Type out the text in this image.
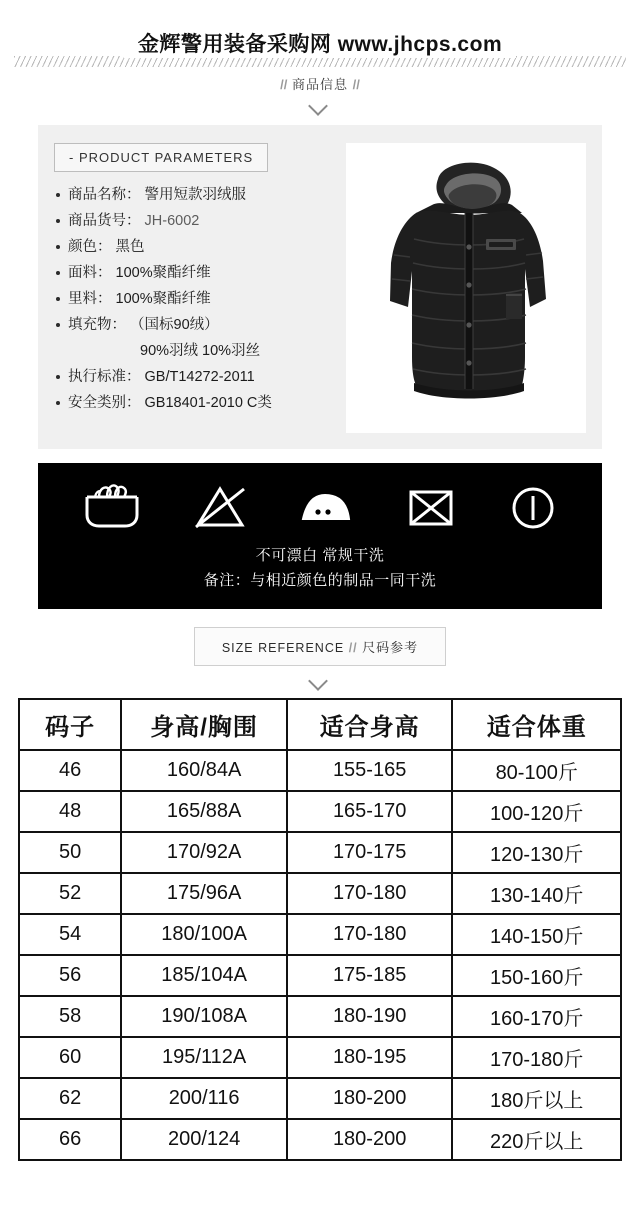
金辉警用装备采购网 www.jhcps.com
// 商品信息 //
- PRODUCT PARAMETERS
商品名称： 警用短款羽绒服
商品货号： JH-6002
颜色： 黑色
面料： 100%聚酯纤维
里料： 100%聚酯纤维
填充物： （国标90绒）
90%羽绒 10%羽丝
执行标准： GB/T14272-2011
安全类别： GB18401-2010 C类
不可漂白 常规干洗
备注：与相近颜色的制品一同干洗
SIZE REFERENCE // 尺码参考
码子	身高/胸围	适合身高	适合体重
46	160/84A	155-165	80-100斤
48	165/88A	165-170	100-120斤
50	170/92A	170-175	120-130斤
52	175/96A	170-180	130-140斤
54	180/100A	170-180	140-150斤
56	185/104A	175-185	150-160斤
58	190/108A	180-190	160-170斤
60	195/112A	180-195	170-180斤
62	200/116	180-200	180斤以上
66	200/124	180-200	220斤以上
